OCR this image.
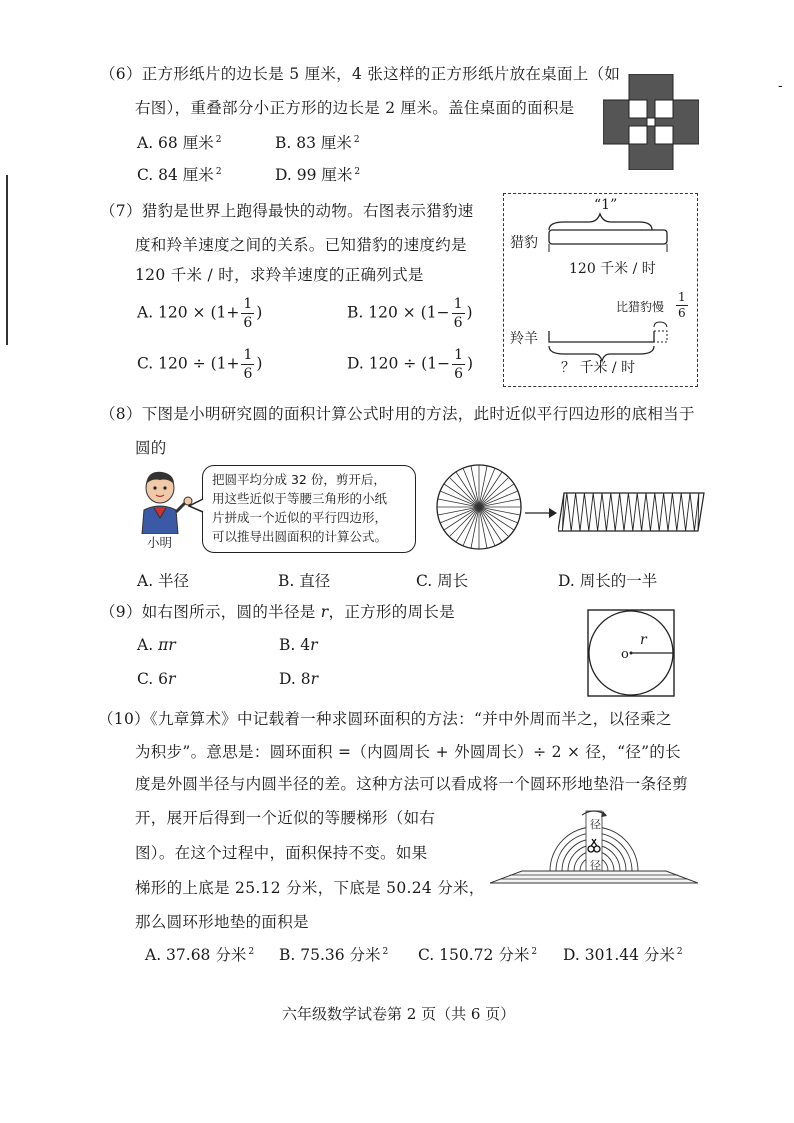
-
（6）正方形纸片的边长是 5 厘米，4 张这样的正方形纸片放在桌面上（如
右图），重叠部分小正方形的边长是 2 厘米。盖住桌面的面积是
A. 68 厘米 $^2$	B. 83 厘米 $^2$
C. 84 厘米 $^2$	D. 99 厘米 $^2$
（7）猎豹是世界上跑得最快的动物。右图表示猎豹速
度和羚羊速度之间的关系。已知猎豹的速度约是
120 千米 / 时，求羚羊速度的正确列式是
A. $120 \times (1+ \frac{1}{6}$ )	B. $120 \times (1- \frac{1}{6}$ )
C. $120 \div (1+ \frac{1}{6}$ )	D. $120 \div (1- \frac{1}{6}$ )
“1”
猎豹
120 千米 / 时
比猎豹慢 $\frac{1}{6}$
羚羊
？ 千米 / 时
（8）下图是小明研究圆的面积计算公式时用的方法，此时近似平行四边形的底相当于
圆的
小明
把圆平均分成 32 份，剪开后，
用这些近似于等腰三角形的小纸
片拼成一个近似的平行四边形，
可以推导出圆面积的计算公式。
A. 半径	B. 直径	C. 周长	D. 周长的一半
（9）如右图所示，圆的半径是 r，正方形的周长是
A. πr	B. 4r
C. 6r	D. 8r
r
o
（10）《九章算术》中记载着一种求圆环面积的方法：“并中外周而半之，以径乘之
为积步”。意思是：圆环面积 =（内圆周长 + 外圆周长）÷ 2 × 径，“径”的长
度是外圆半径与内圆半径的差。这种方法可以看成将一个圆环形地垫沿一条径剪
开，展开后得到一个近似的等腰梯形（如右
图）。在这个过程中，面积保持不变。如果
梯形的上底是 25.12 分米，下底是 50.24 分米，
那么圆环形地垫的面积是
径
径
A. 37.68 分米 $^2$ B. 75.36 分米 $^2$ C. 150.72 分米 $^2$ D. 301.44 分米 $^2$
六年级数学试卷第 2 页（共 6 页）
